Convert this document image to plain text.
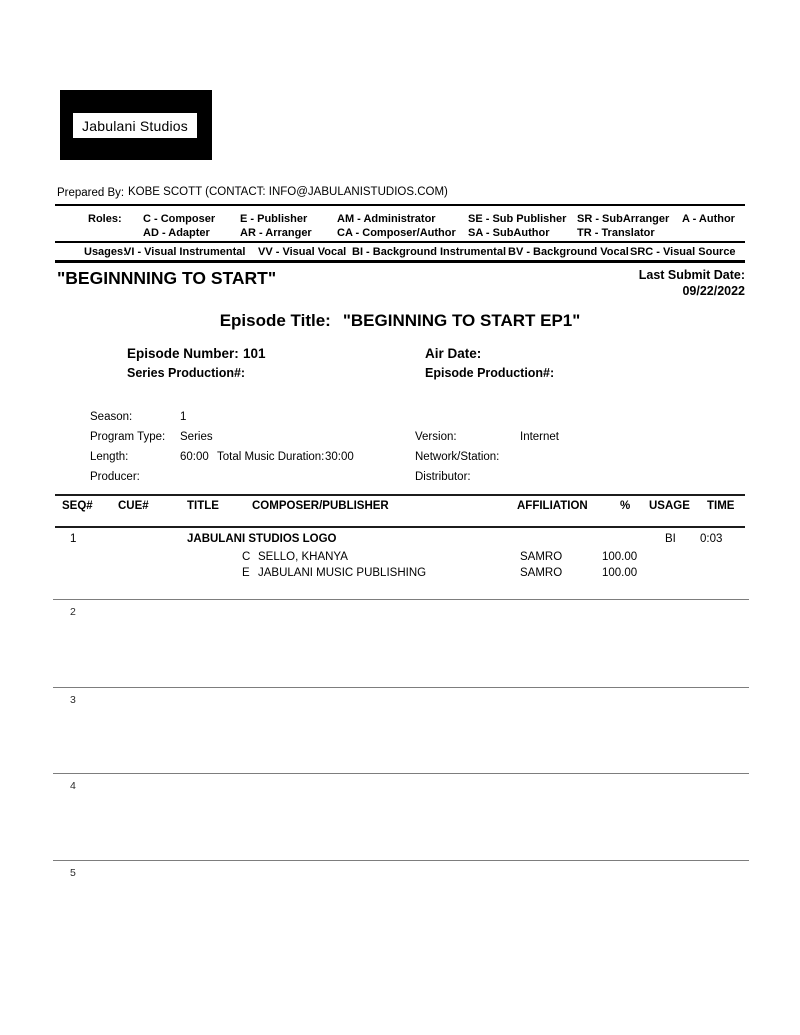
Jabulani Studios
Prepared By: KOBE SCOTT (CONTACT: INFO@JABULANISTUDIOS.COM)
Roles: C - Composer E - Publisher	AM - Administrator	SE - Sub Publisher SR - SubArranger A - Author
AD - Adapter	AR - Arranger CA - Composer/Author SA - SubAuthor	TR - Translator
Usages:
VI - Visual Instrumental VV - Visual Vocal BI - Background Instrumental BV - Background Vocal SRC - Visual Source
"BEGINNNING TO START"	Last Submit Date:
09/22/2022
Episode Title: "BEGINNING TO START EP1"
Episode Number: 101	Air Date:
Series Production#:	Episode Production#:
Season:	1
Program Type: Series	Version:	Internet
Length:	60:00 Total Music Duration: 30:00	Network/Station:
Producer:	Distributor:
SEQ# CUE#	TITLE	COMPOSER/PUBLISHER	AFFILIATION	% USAGE TIME
1	JABULANI STUDIOS LOGO	BI 0:03
C SELLO, KHANYA	SAMRO	100.00
E JABULANI MUSIC PUBLISHING	SAMRO	100.00
2
3
4
5
